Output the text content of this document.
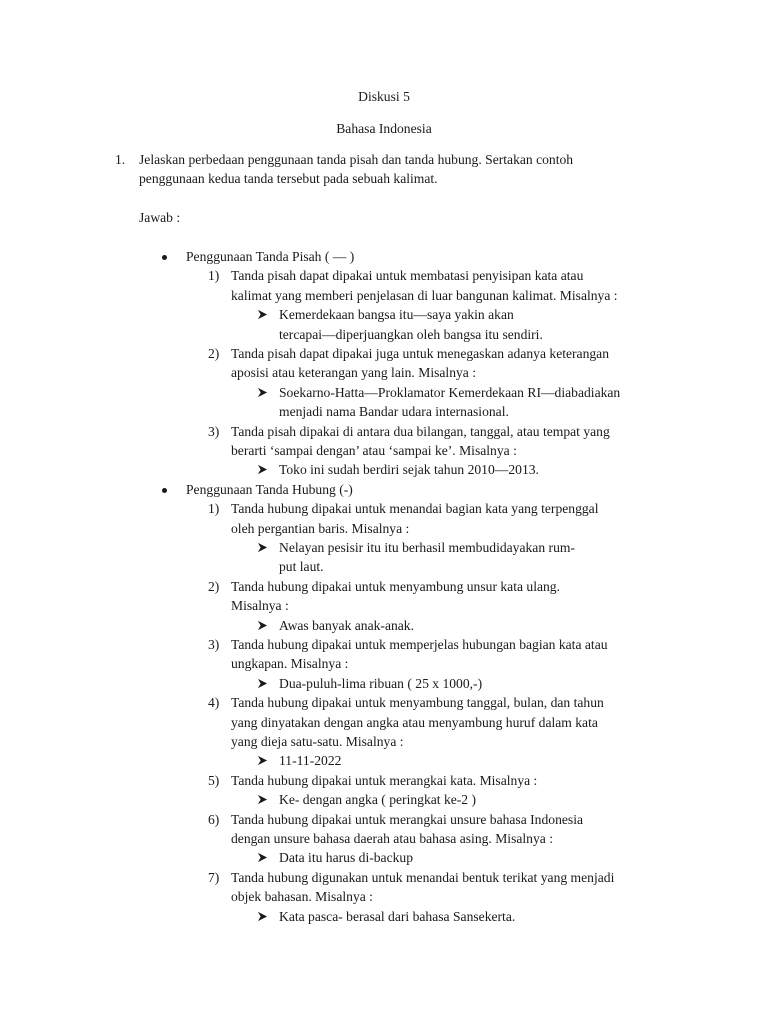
Diskusi 5
Bahasa Indonesia
1. Jelaskan perbedaan penggunaan tanda pisah dan tanda hubung. Sertakan contoh
penggunaan kedua tanda tersebut pada sebuah kalimat.
Jawab :
Penggunaan Tanda Pisah ( — )
1) Tanda pisah dapat dipakai untuk membatasi penyisipan kata atau
kalimat yang memberi penjelasan di luar bangunan kalimat. Misalnya :
Kemerdekaan bangsa itu—saya yakin akan
tercapai—diperjuangkan oleh bangsa itu sendiri.
2) Tanda pisah dapat dipakai juga untuk menegaskan adanya keterangan
aposisi atau keterangan yang lain. Misalnya :
Soekarno-Hatta—Proklamator Kemerdekaan RI—diabadiakan
menjadi nama Bandar udara internasional.
3) Tanda pisah dipakai di antara dua bilangan, tanggal, atau tempat yang
berarti ‘sampai dengan’ atau ‘sampai ke’. Misalnya :
Toko ini sudah berdiri sejak tahun 2010—2013.
Penggunaan Tanda Hubung (-)
1) Tanda hubung dipakai untuk menandai bagian kata yang terpenggal
oleh pergantian baris. Misalnya :
Nelayan pesisir itu itu berhasil membudidayakan rum-
put laut.
2) Tanda hubung dipakai untuk menyambung unsur kata ulang.
Misalnya :
Awas banyak anak-anak.
3) Tanda hubung dipakai untuk memperjelas hubungan bagian kata atau
ungkapan. Misalnya :
Dua-puluh-lima ribuan ( 25 x 1000,-)
4) Tanda hubung dipakai untuk menyambung tanggal, bulan, dan tahun
yang dinyatakan dengan angka atau menyambung huruf dalam kata
yang dieja satu-satu. Misalnya :
11-11-2022
5) Tanda hubung dipakai untuk merangkai kata. Misalnya :
Ke- dengan angka ( peringkat ke-2 )
6) Tanda hubung dipakai untuk merangkai unsure bahasa Indonesia
dengan unsure bahasa daerah atau bahasa asing. Misalnya :
Data itu harus di-backup
7) Tanda hubung digunakan untuk menandai bentuk terikat yang menjadi
objek bahasan. Misalnya :
Kata pasca- berasal dari bahasa Sansekerta.
